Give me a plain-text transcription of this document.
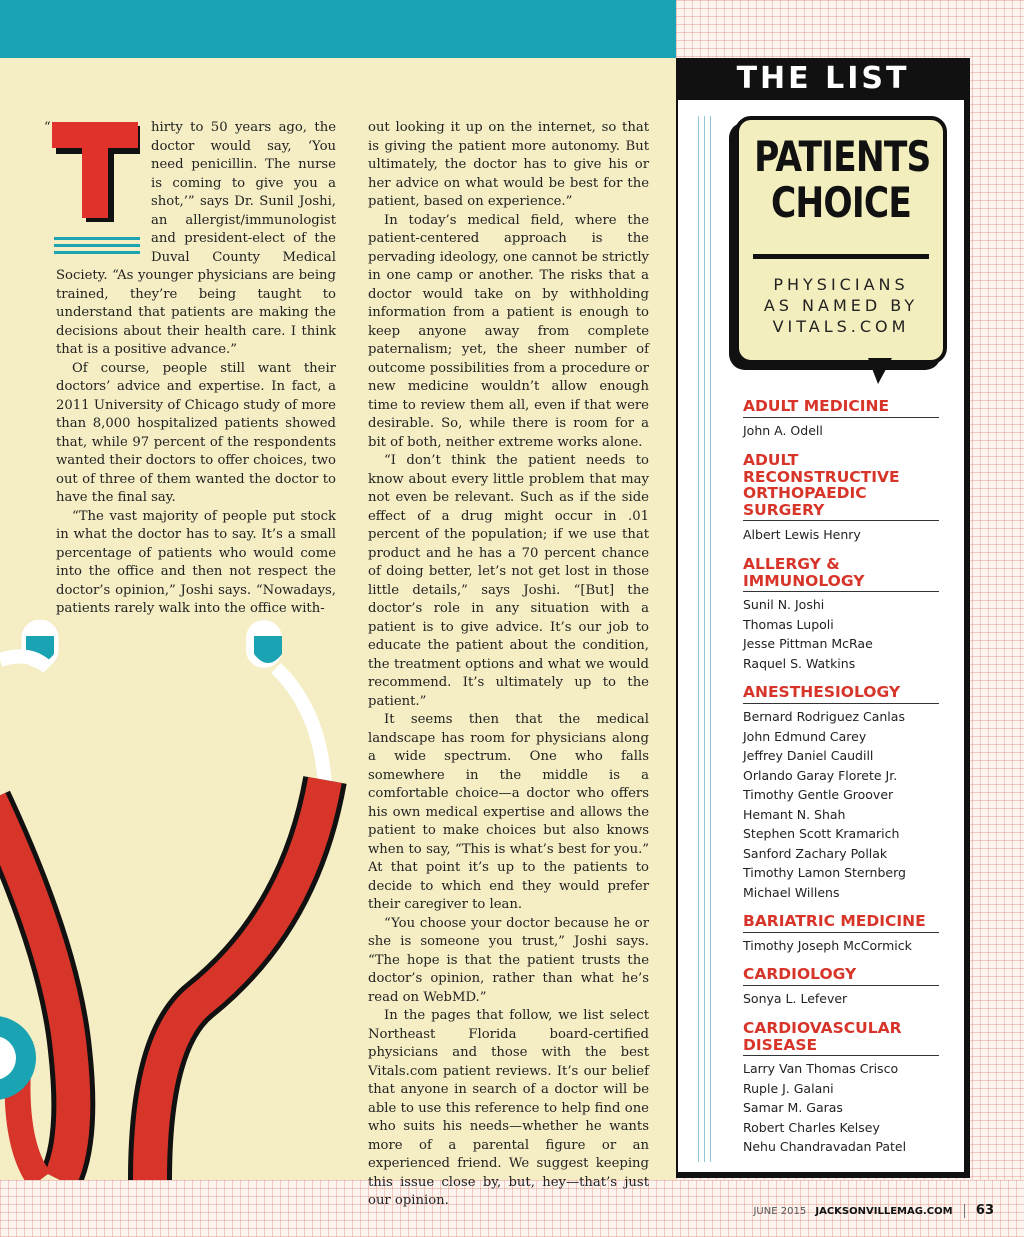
“	hirty to 50 years ago, the doctor would say, ‘You need penicillin. The nurse is coming to give you a shot,’” says Dr. Sunil Joshi, an allergist/immunologist and president-elect of the Duval County Medical Society. “As younger physicians are being trained, they’re being taught to understand that patients are making the decisions about their health care. I think that is a positive advance.”

Of course, people still want their doctors’ advice and expertise. In fact, a 2011 University of Chicago study of more than 8,000 hospitalized patients showed that, while 97 percent of the respondents wanted their doctors to offer choices, two out of three of them wanted the doctor to have the final say.

“The vast majority of people put stock in what the doctor has to say. It’s a small percentage of patients who would come into the office and then not respect the doctor’s opinion,” Joshi says. “Nowadays, patients rarely walk into the office with-

out looking it up on the internet, so that is giving the patient more autonomy. But ultimately, the doctor has to give his or her advice on what would be best for the patient, based on experience.”

In today’s medical field, where the patient-centered approach is the pervading ideology, one cannot be strictly in one camp or another. The risks that a doctor would take on by withholding information from a patient is enough to keep anyone away from complete paternalism; yet, the sheer number of outcome possibilities from a procedure or new medicine wouldn’t allow enough time to review them all, even if that were desirable. So, while there is room for a bit of both, neither extreme works alone.

“I don’t think the patient needs to know about every little problem that may not even be relevant. Such as if the side effect of a drug might occur in .01 percent of the population; if we use that product and he has a 70 percent chance of doing better, let’s not get lost in those little details,” says Joshi. “[But] the doctor’s role in any situation with a patient is to give advice. It’s our job to educate the patient about the condition, the treatment options and what we would recommend. It’s ultimately up to the patient.”

It seems then that the medical landscape has room for physicians along a wide spectrum. One who falls somewhere in the middle is a comfortable choice—a doctor who offers his own medical expertise and allows the patient to make choices but also knows when to say, “This is what’s best for you.” At that point it’s up to the patients to decide to which end they would prefer their caregiver to lean.

“You choose your doctor because he or she is someone you trust,” Joshi says. “The hope is that the patient trusts the doctor’s opinion, rather than what he’s read on WebMD.”

In the pages that follow, we list select Northeast Florida board-certified physicians and those with the best Vitals.com patient reviews. It’s our belief that anyone in search of a doctor will be able to use this reference to help find one who suits his needs—whether he wants more of a parental figure or an experienced friend. We suggest keeping this issue close by, but, hey—that’s just our opinion.

THE LIST
PATIENTS
CHOICE
PHYSICIANS
AS NAMED BY
VITALS.COM
ADULT MEDICINE
John A. Odell
ADULT RECONSTRUCTIVE ORTHOPAEDIC SURGERY
Albert Lewis Henry
ALLERGY & IMMUNOLOGY
Sunil N. Joshi
Thomas Lupoli
Jesse Pittman McRae
Raquel S. Watkins
ANESTHESIOLOGY
Bernard Rodriguez Canlas
John Edmund Carey
Jeffrey Daniel Caudill
Orlando Garay Florete Jr.
Timothy Gentle Groover
Hemant N. Shah
Stephen Scott Kramarich
Sanford Zachary Pollak
Timothy Lamon Sternberg
Michael Willens
BARIATRIC MEDICINE
Timothy Joseph McCormick
CARDIOLOGY
Sonya L. Lefever
CARDIOVASCULAR DISEASE
Larry Van Thomas Crisco
Ruple J. Galani
Samar M. Garas
Robert Charles Kelsey
Nehu Chandravadan Patel
JUNE 2015 JACKSONVILLEMAG.COM 63
